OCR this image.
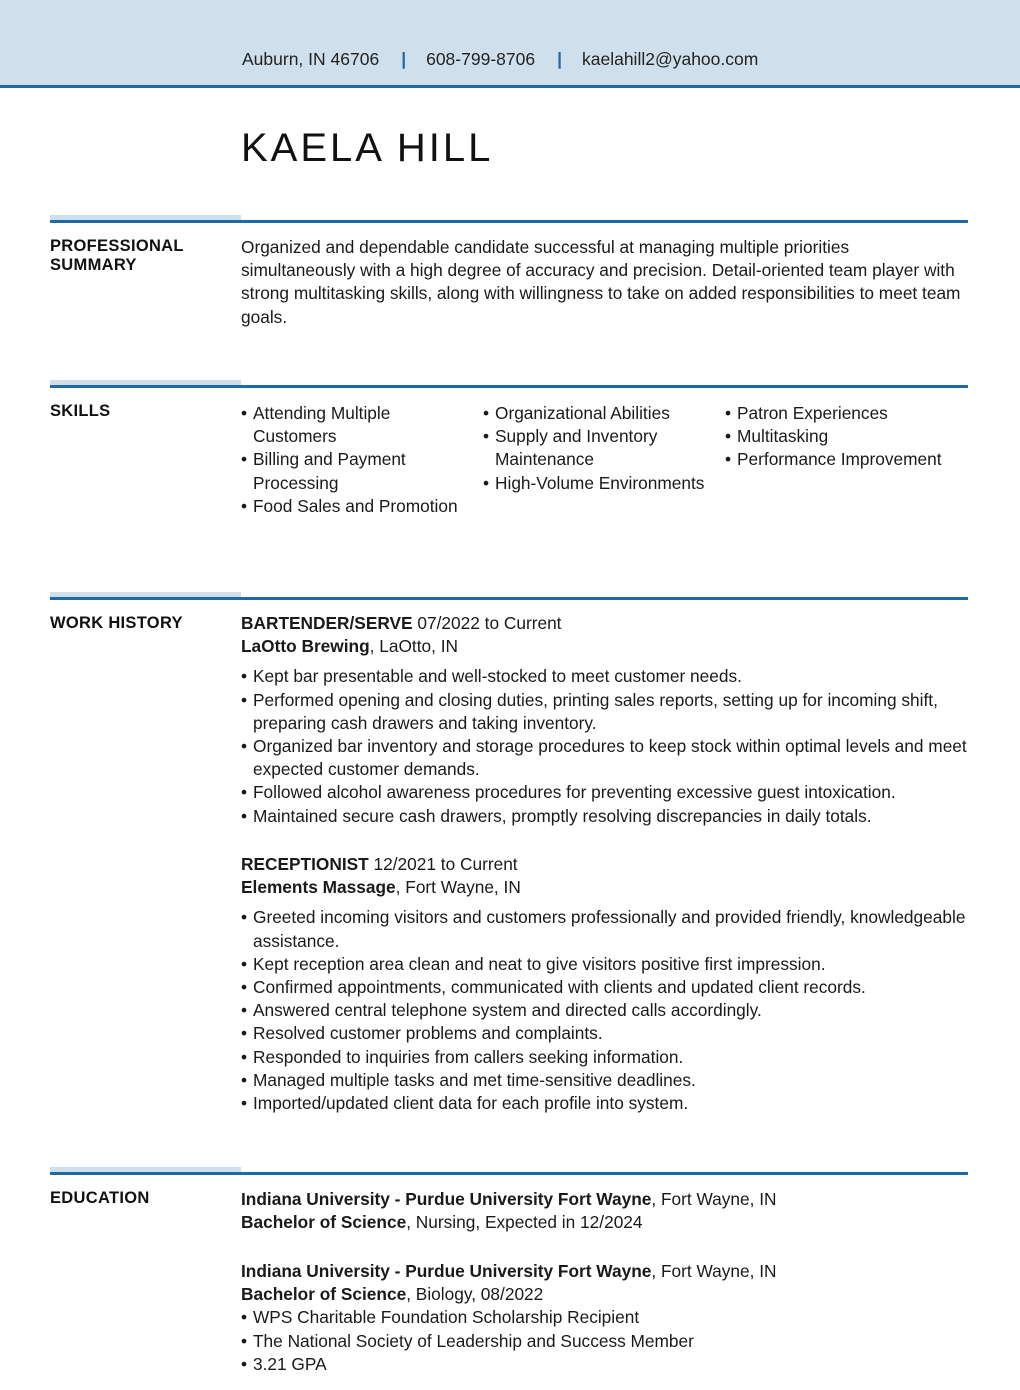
Auburn, IN 46706 | 608-799-8706 | kaelahill2@yahoo.com
KAELA HILL
PROFESSIONAL
SUMMARY
Organized and dependable candidate successful at managing multiple priorities simultaneously with a high degree of accuracy and precision. Detail-oriented team player with strong multitasking skills, along with willingness to take on added responsibilities to meet team goals.
SKILLS
•	Attending Multiple Customers
• Billing and Payment Processing
• Food Sales and Promotion
• Organizational Abilities
• Supply and Inventory Maintenance
• High-Volume Environments
• Patron Experiences
• Multitasking
• Performance Improvement
WORK HISTORY	BARTENDER/SERVE 07/2022 to Current
LaOtto Brewing, LaOtto, IN
• Kept bar presentable and well-stocked to meet customer needs.
• Performed opening and closing duties, printing sales reports, setting up for incoming shift, preparing cash drawers and taking inventory.
• Organized bar inventory and storage procedures to keep stock within optimal levels and meet expected customer demands.
• Followed alcohol awareness procedures for preventing excessive guest intoxication.
• Maintained secure cash drawers, promptly resolving discrepancies in daily totals.
RECEPTIONIST 12/2021 to Current
Elements Massage, Fort Wayne, IN
• Greeted incoming visitors and customers professionally and provided friendly, knowledgeable assistance.
• Kept reception area clean and neat to give visitors positive first impression.
• Confirmed appointments, communicated with clients and updated client records.
• Answered central telephone system and directed calls accordingly.
• Resolved customer problems and complaints.
• Responded to inquiries from callers seeking information.
• Managed multiple tasks and met time-sensitive deadlines.
• Imported/updated client data for each profile into system.
EDUCATION	Indiana University - Purdue University Fort Wayne, Fort Wayne, IN
Bachelor of Science, Nursing, Expected in 12/2024
Indiana University - Purdue University Fort Wayne, Fort Wayne, IN
Bachelor of Science, Biology, 08/2022
• WPS Charitable Foundation Scholarship Recipient
• The National Society of Leadership and Success Member
• 3.21 GPA
